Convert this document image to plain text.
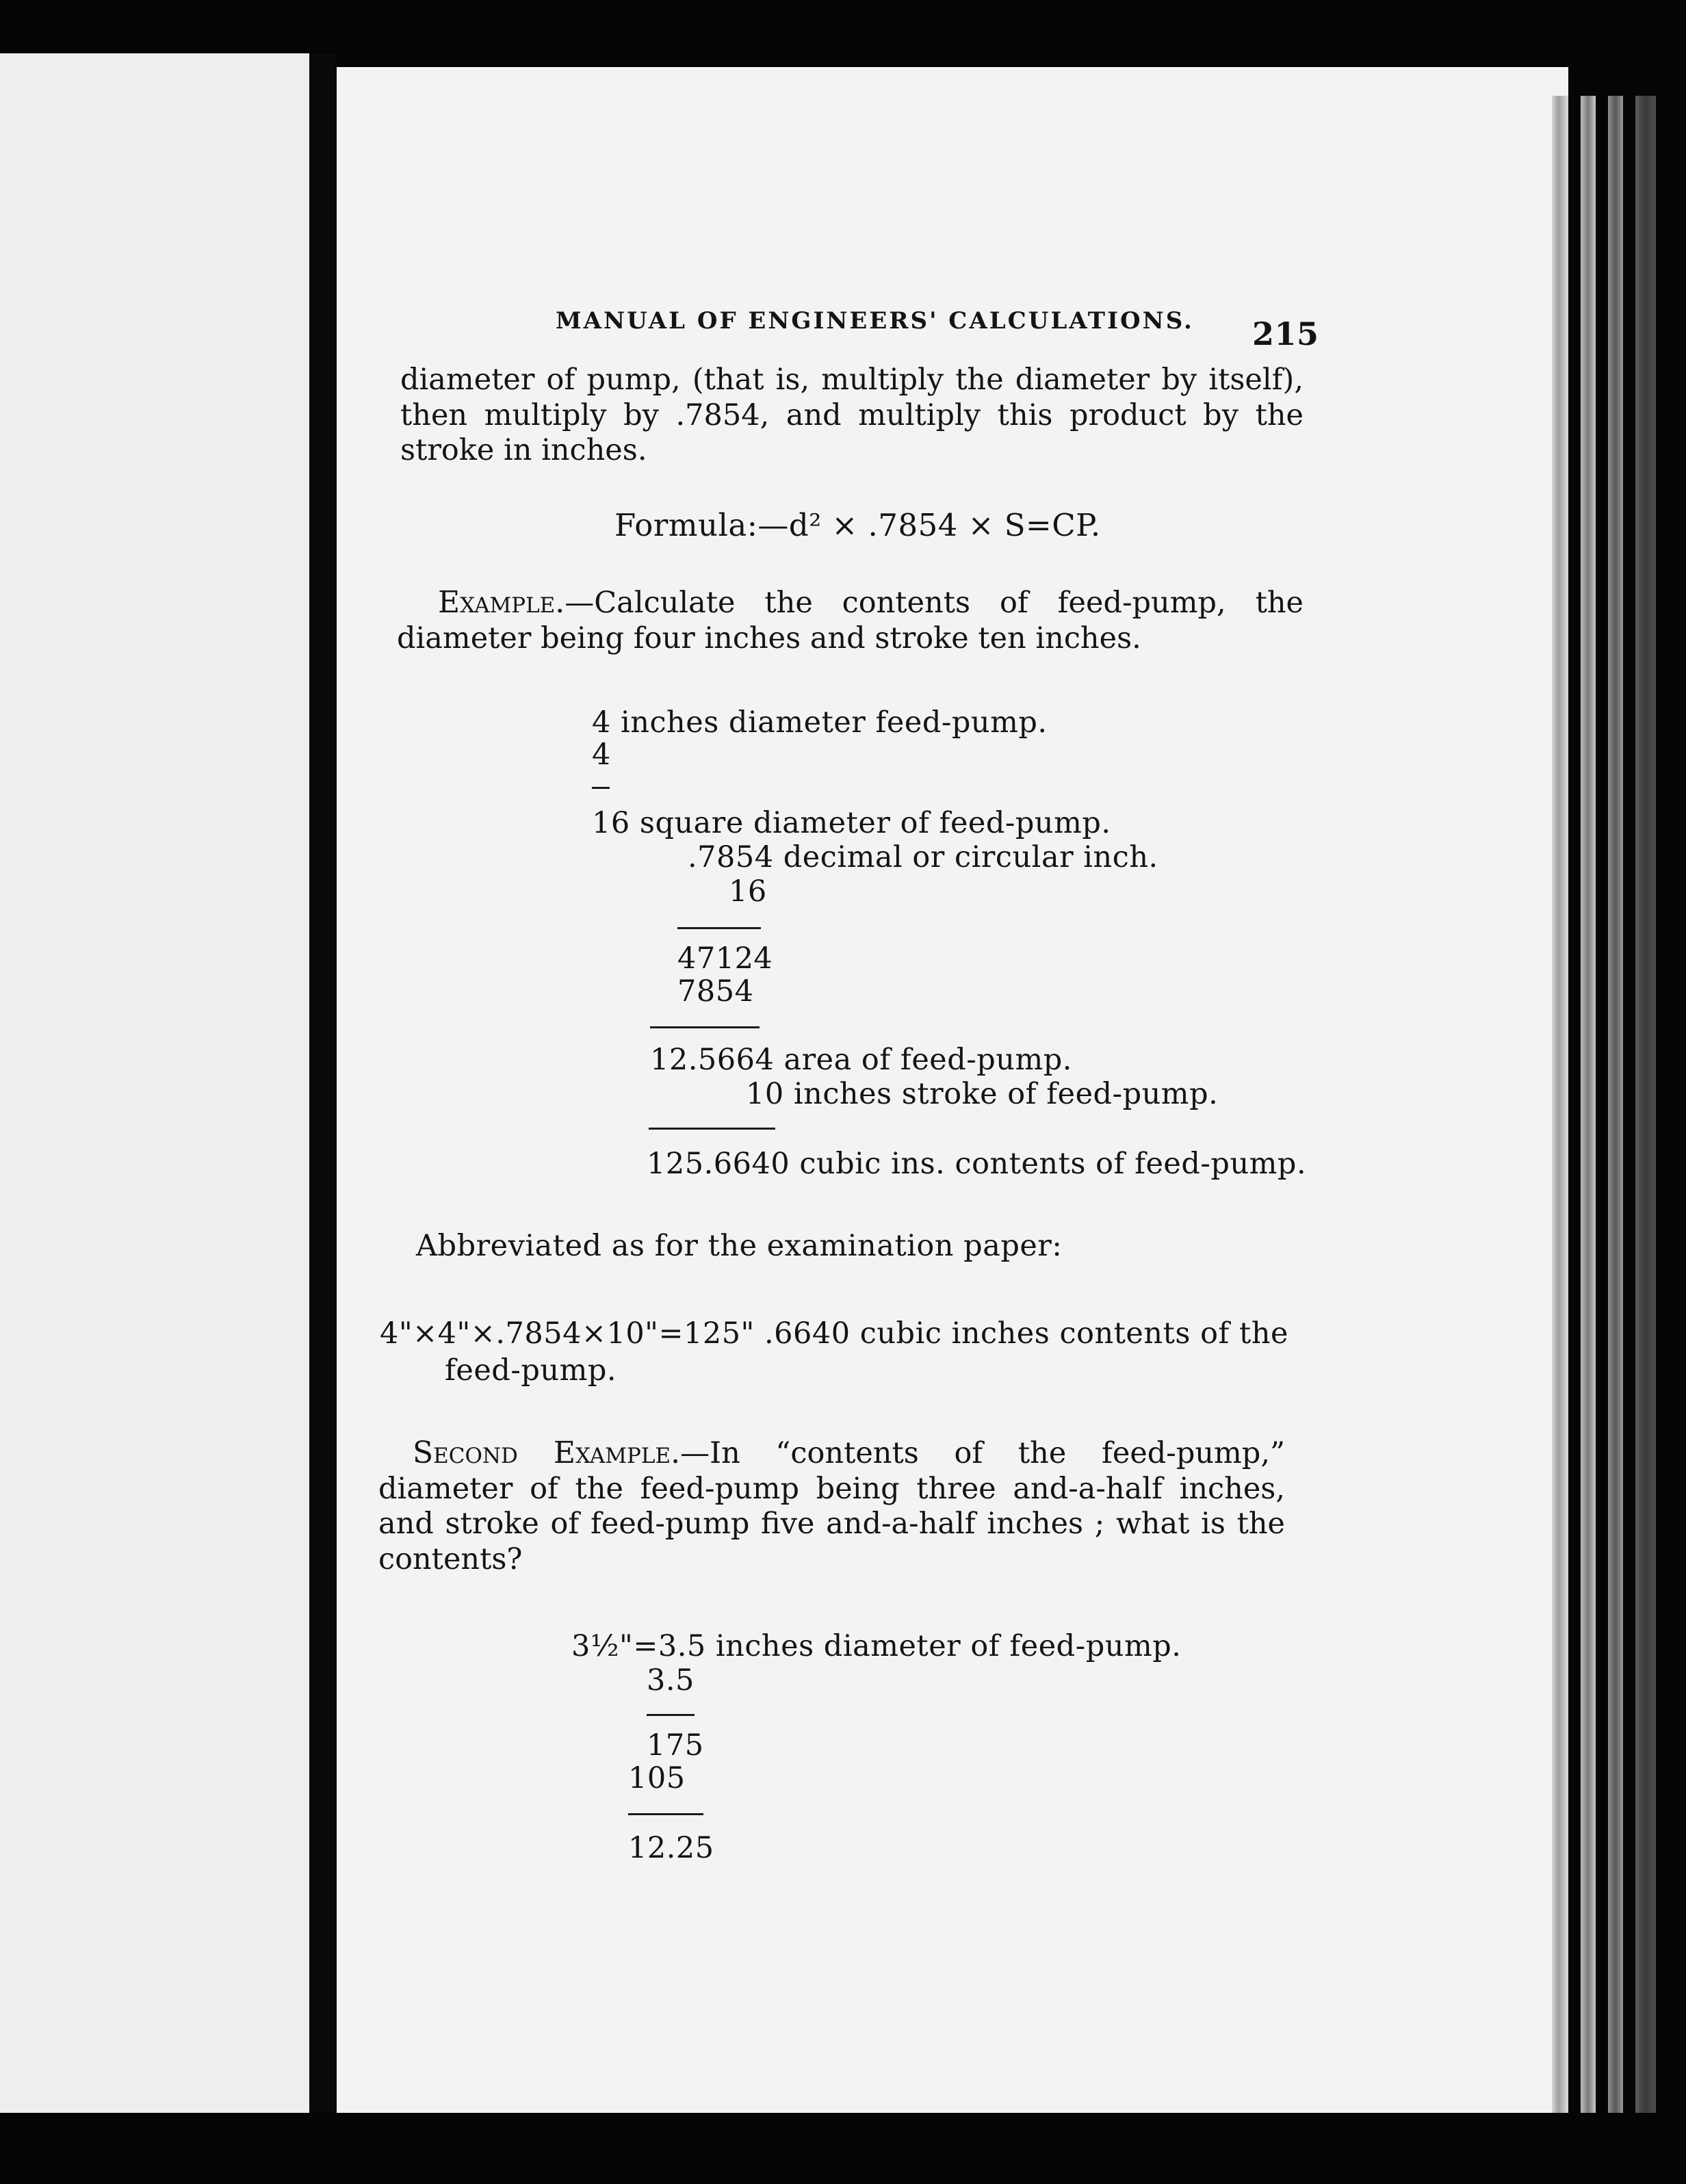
MANUAL OF ENGINEERS' CALCULATIONS. 215

diameter of pump, (that is, multiply the diameter by itself), then multiply by .7854, and multiply this product by the stroke in inches.

Formula:—d² × .7854 × S=CP.

Example.—Calculate the contents of feed-pump, the diameter being four inches and stroke ten inches.

4 inches diameter feed-pump.
4
16 square diameter of feed-pump.
.7854 decimal or circular inch.
16
47124
7854
12.5664 area of feed-pump.
10 inches stroke of feed-pump.
125.6640 cubic ins. contents of feed-pump.
Abbreviated as for the examination paper:
4"×4"×.7854×10"=125" .6640 cubic inches contents of the
feed-pump.

Second Example.—In “contents of the feed-pump,” diameter of the feed-pump being three and-a-half inches, and stroke of feed-pump five and-a-half inches ; what is the contents?

3½"=3.5 inches diameter of feed-pump.
3.5
175
105
12.25
